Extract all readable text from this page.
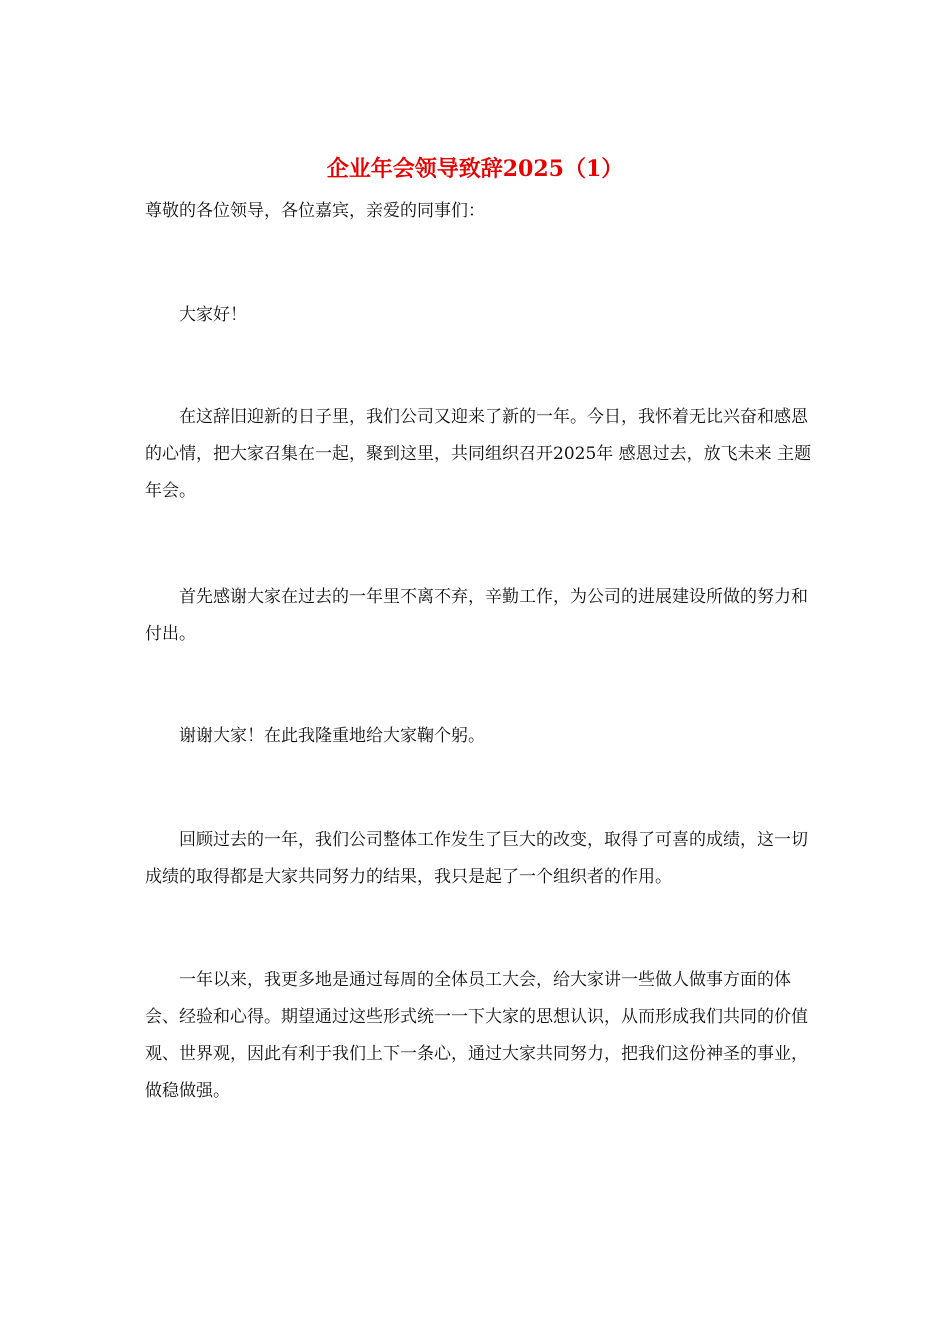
企业年会领导致辞2025（1）

尊敬的各位领导，各位嘉宾，亲爱的同事们：

大家好！

在这辞旧迎新的日子里，我们公司又迎来了新的一年。今日，我怀着无比兴奋和感恩的心情，把大家召集在一起，聚到这里，共同组织召开2025年 感恩过去，放飞未来 主题年会。

首先感谢大家在过去的一年里不离不弃，辛勤工作，为公司的进展建设所做的努力和付出。

谢谢大家！在此我隆重地给大家鞠个躬。

回顾过去的一年，我们公司整体工作发生了巨大的改变，取得了可喜的成绩，这一切成绩的取得都是大家共同努力的结果，我只是起了一个组织者的作用。

一年以来，我更多地是通过每周的全体员工大会，给大家讲一些做人做事方面的体会、经验和心得。期望通过这些形式统一一下大家的思想认识，从而形成我们共同的价值观、世界观，因此有利于我们上下一条心，通过大家共同努力，把我们这份神圣的事业，做稳做强。
